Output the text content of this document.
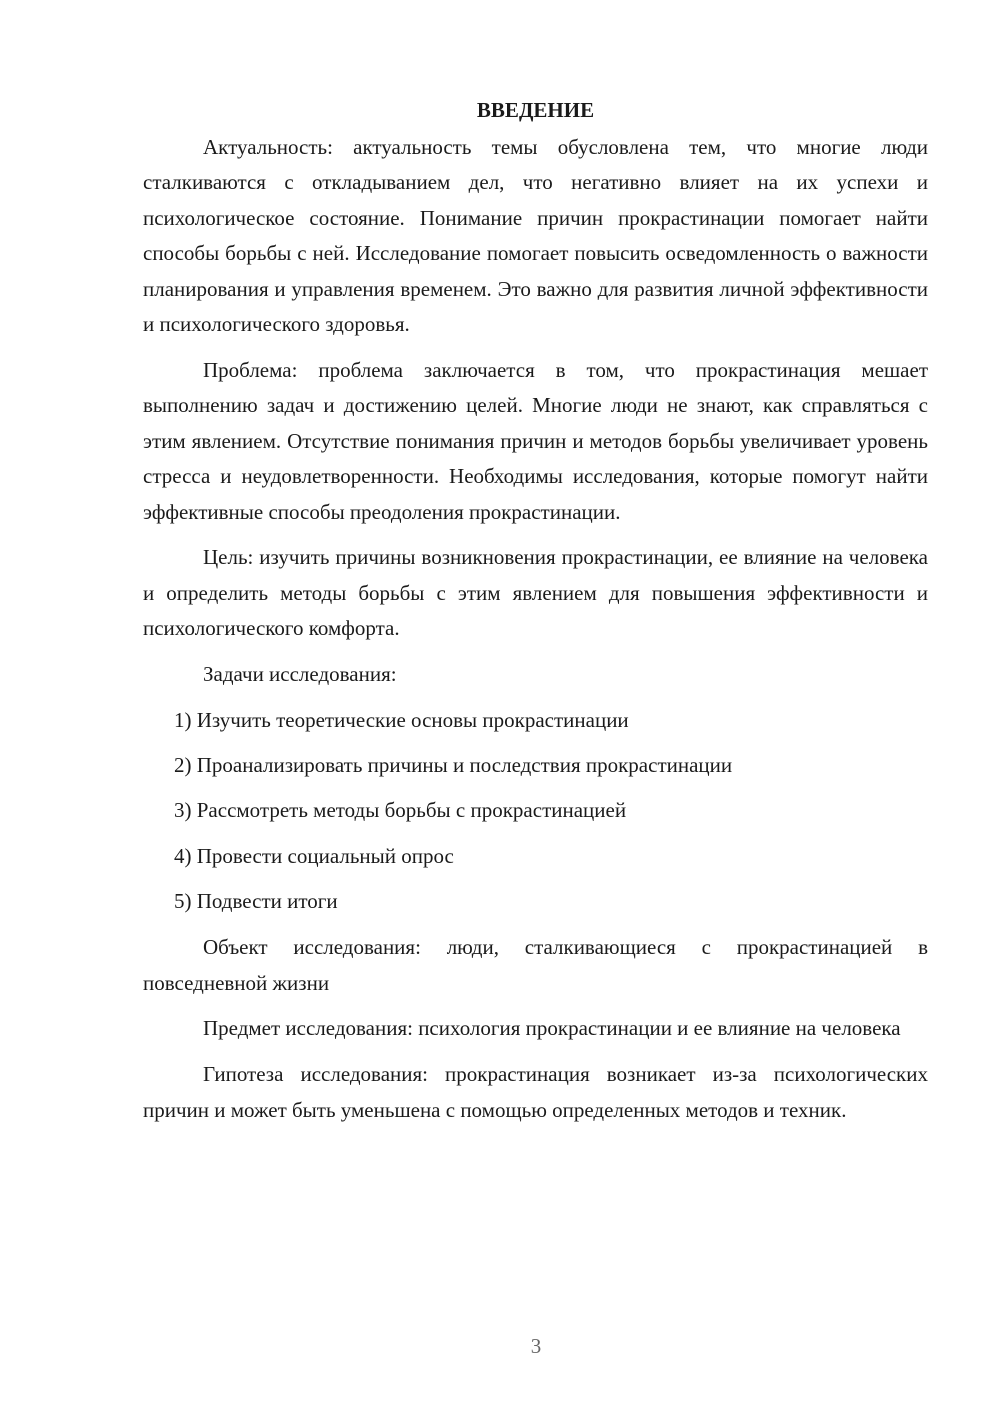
ВВЕДЕНИЕ

Актуальность: актуальность темы обусловлена тем, что многие люди сталкиваются с откладыванием дел, что негативно влияет на их успехи и психологическое состояние. Понимание причин прокрастинации помогает найти способы борьбы с ней. Исследование помогает повысить осведомленность о важности планирования и управления временем. Это важно для развития личной эффективности и психологического здоровья.

Проблема: проблема заключается в том, что прокрастинация мешает выполнению задач и достижению целей. Многие люди не знают, как справляться с этим явлением. Отсутствие понимания причин и методов борьбы увеличивает уровень стресса и неудовлетворенности. Необходимы исследования, которые помогут найти эффективные способы преодоления прокрастинации.

Цель: изучить причины возникновения прокрастинации, ее влияние на человека и определить методы борьбы с этим явлением для повышения эффективности и психологического комфорта.

Задачи исследования:

1) Изучить теоретические основы прокрастинации
2) Проанализировать причины и последствия прокрастинации
3) Рассмотреть методы борьбы с прокрастинацией
4) Провести социальный опрос
5) Подвести итоги

Объект исследования: люди, сталкивающиеся с прокрастинацией в повседневной жизни

Предмет исследования: психология прокрастинации и ее влияние на человека

Гипотеза исследования: прокрастинация возникает из-за психологических причин и может быть уменьшена с помощью определенных методов и техник.

3
